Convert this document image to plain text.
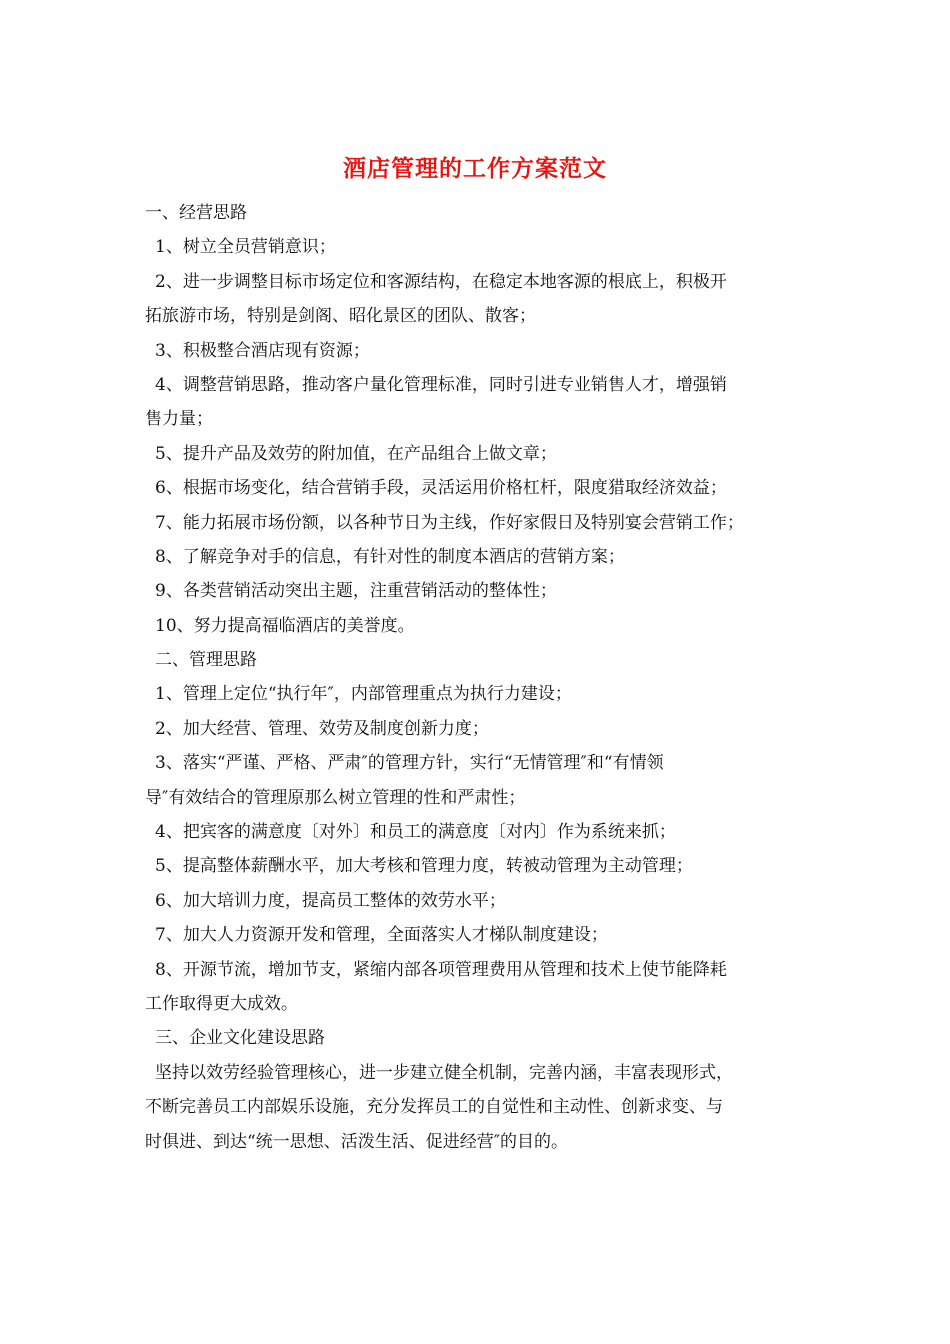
酒店管理的工作方案范文
一、经营思路
1、树立全员营销意识；
2、进一步调整目标市场定位和客源结构，在稳定本地客源的根底上，积极开
拓旅游市场，特别是剑阁、昭化景区的团队、散客；
3、积极整合酒店现有资源；
4、调整营销思路，推动客户量化管理标准，同时引进专业销售人才，增强销
售力量；
5、提升产品及效劳的附加值，在产品组合上做文章；
6、根据市场变化，结合营销手段，灵活运用价格杠杆，限度猎取经济效益；
7、能力拓展市场份额，以各种节日为主线，作好家假日及特别宴会营销工作；
8、了解竞争对手的信息，有针对性的制度本酒店的营销方案；
9、各类营销活动突出主题，注重营销活动的整体性；
10、努力提高福临酒店的美誉度。
二、管理思路
1、管理上定位“执行年″，内部管理重点为执行力建设；
2、加大经营、管理、效劳及制度创新力度；
3、落实“严谨、严格、严肃″的管理方针，实行“无情管理″和“有情领
导″有效结合的管理原那么树立管理的性和严肃性；
4、把宾客的满意度〔对外〕和员工的满意度〔对内〕作为系统来抓；
5、提高整体薪酬水平，加大考核和管理力度，转被动管理为主动管理；
6、加大培训力度，提高员工整体的效劳水平；
7、加大人力资源开发和管理，全面落实人才梯队制度建设；
8、开源节流，增加节支，紧缩内部各项管理费用从管理和技术上使节能降耗
工作取得更大成效。
三、企业文化建设思路
坚持以效劳经验管理核心，进一步建立健全机制，完善内涵，丰富表现形式，
不断完善员工内部娱乐设施，充分发挥员工的自觉性和主动性、创新求变、与
时俱进、到达“统一思想、活泼生活、促进经营″的目的。
